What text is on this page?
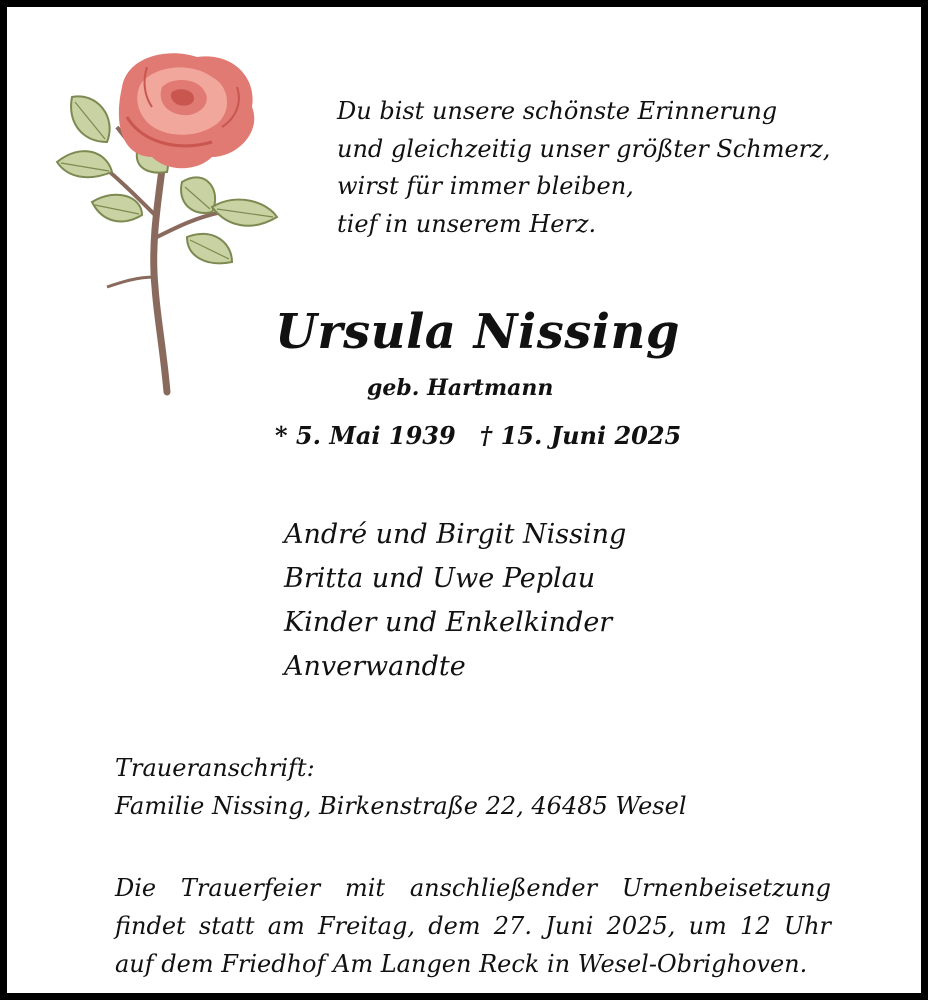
Du bist unsere schönste Erinnerung
und gleichzeitig unser größter Schmerz,
wirst für immer bleiben,
tief in unserem Herz.
Ursula Nissing
geb. Hartmann
* 5. Mai 1939 † 15. Juni 2025
André und Birgit Nissing
Britta und Uwe Peplau
Kinder und Enkelkinder
Anverwandte
Traueranschrift:
Familie Nissing, Birkenstraße 22, 46485 Wesel
Die Trauerfeier mit anschließender Urnenbeisetzung
findet statt am Freitag, dem 27. Juni 2025, um 12 Uhr
auf dem Friedhof Am Langen Reck in Wesel-Obrighoven.
